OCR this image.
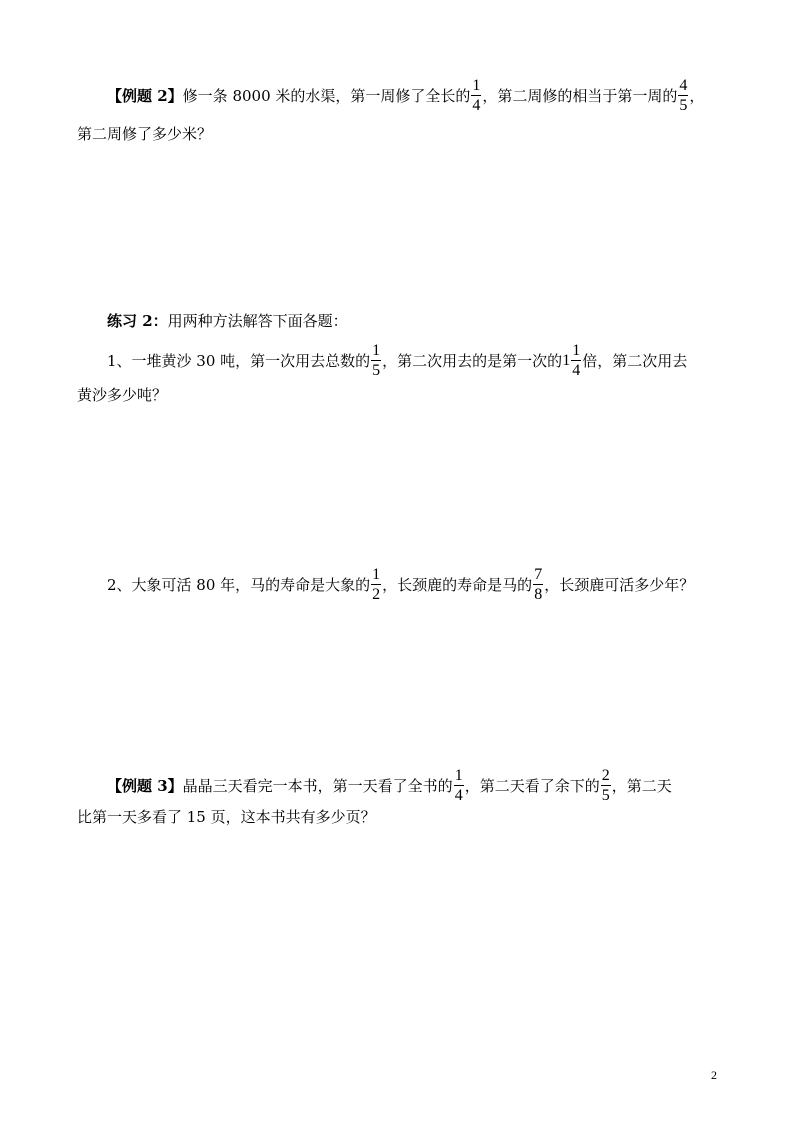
【例题 2】 修一条 8000 米的水渠，第一周修了全长的 $\frac{1}{4}$ ，第二周修的相当于第一周的 $\frac{4}{5}$ ，
第二周修了多少米？
练习 2： 用两种方法解答下面各题：
1、一堆黄沙 30 吨，第一次用去总数的 $\frac{1}{5}$ ，第二次用去的是第一次的 $1 \frac{1}{4}$ 倍，第二次用去
黄沙多少吨？
2、大象可活 80 年，马的寿命是大象的 $\frac{1}{2}$ ，长颈鹿的寿命是马的 $\frac{7}{8}$ ，长颈鹿可活多少年？
【例题 3】 晶晶三天看完一本书，第一天看了全书的 $\frac{1}{4}$ ，第二天看了余下的 $\frac{2}{5}$ ，第二天
比第一天多看了 15 页，这本书共有多少页？
2
